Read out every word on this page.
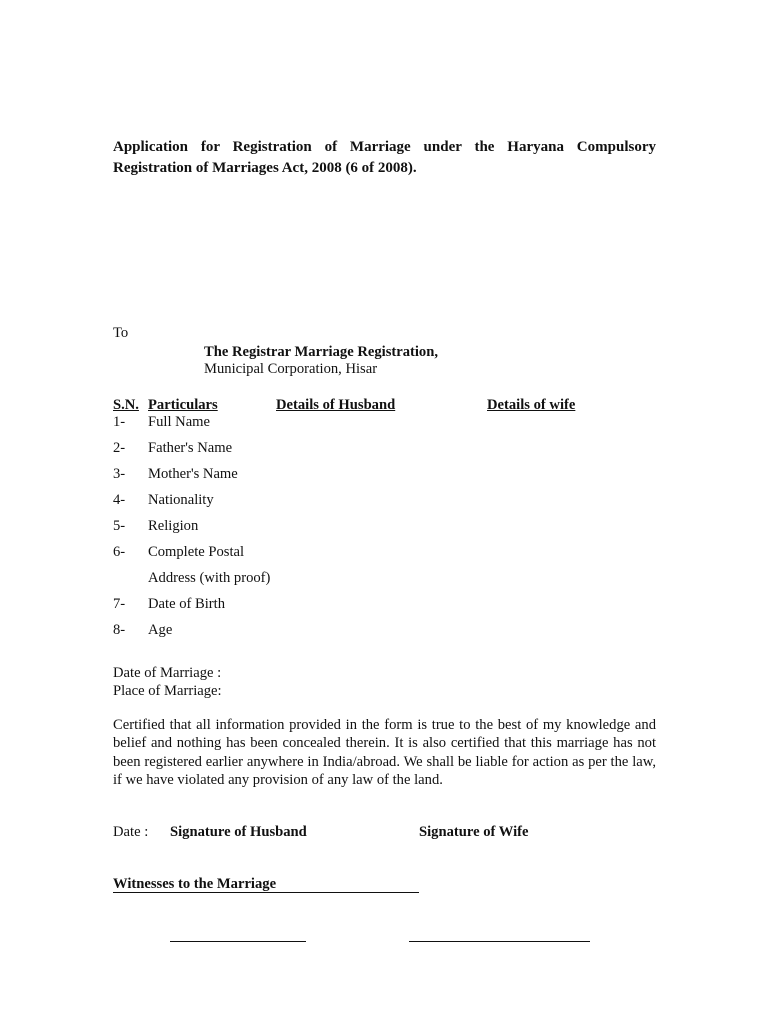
Application for Registration of Marriage under the Haryana Compulsory Registration of Marriages Act, 2008 (6 of 2008).
To
The Registrar Marriage Registration,
Municipal Corporation, Hisar
S.N. Particulars	Details of Husband	Details of wife
1- Full Name
2- Father's Name
3- Mother's Name
4- Nationality
5- Religion
6- Complete Postal
Address (with proof)
7- Date of Birth
8- Age
Date of Marriage :
Place of Marriage:
Certified that all information provided in the form is true to the best of my knowledge and belief and nothing has been concealed therein. It is also certified that this marriage has not been registered earlier anywhere in India/abroad. We shall be liable for action as per the law, if we have violated any provision of any law of the land.
Date : Signature of Husband	Signature of Wife
Witnesses to the Marriage
